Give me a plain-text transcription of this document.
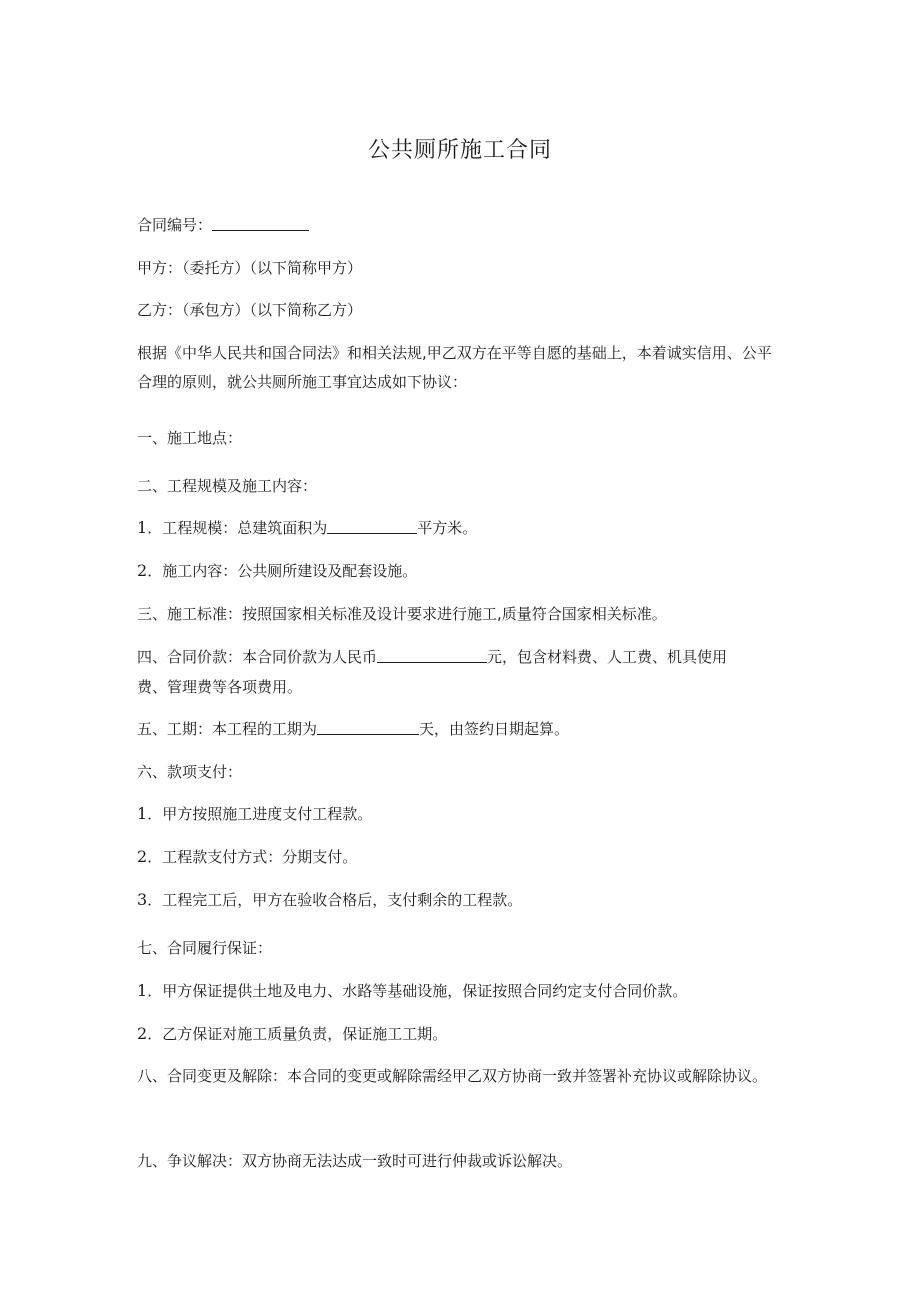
公共厕所施工合同
合同编号：
甲方：（委托方）（以下简称甲方）
乙方：（承包方）（以下简称乙方）
根据《中华人民共和国合同法》和相关法规,甲乙双方在平等自愿的基础上，本着诚实信用、公平合理的原则，就公共厕所施工事宜达成如下协议：
一、施工地点：
二、工程规模及施工内容：
1．工程规模：总建筑面积为	平方米。
2．施工内容：公共厕所建设及配套设施。
三、施工标准：按照国家相关标准及设计要求进行施工,质量符合国家相关标准。
四、合同价款：本合同价款为人民币	元，包含材料费、人工费、机具使用
费、管理费等各项费用。
五、工期：本工程的工期为	天，由签约日期起算。
六、款项支付：
1．甲方按照施工进度支付工程款。
2．工程款支付方式：分期支付。
3．工程完工后，甲方在验收合格后，支付剩余的工程款。
七、合同履行保证：
1．甲方保证提供土地及电力、水路等基础设施，保证按照合同约定支付合同价款。
2．乙方保证对施工质量负责，保证施工工期。
八、合同变更及解除：本合同的变更或解除需经甲乙双方协商一致并签署补充协议或解除协议。
九、争议解决：双方协商无法达成一致时可进行仲裁或诉讼解决。
